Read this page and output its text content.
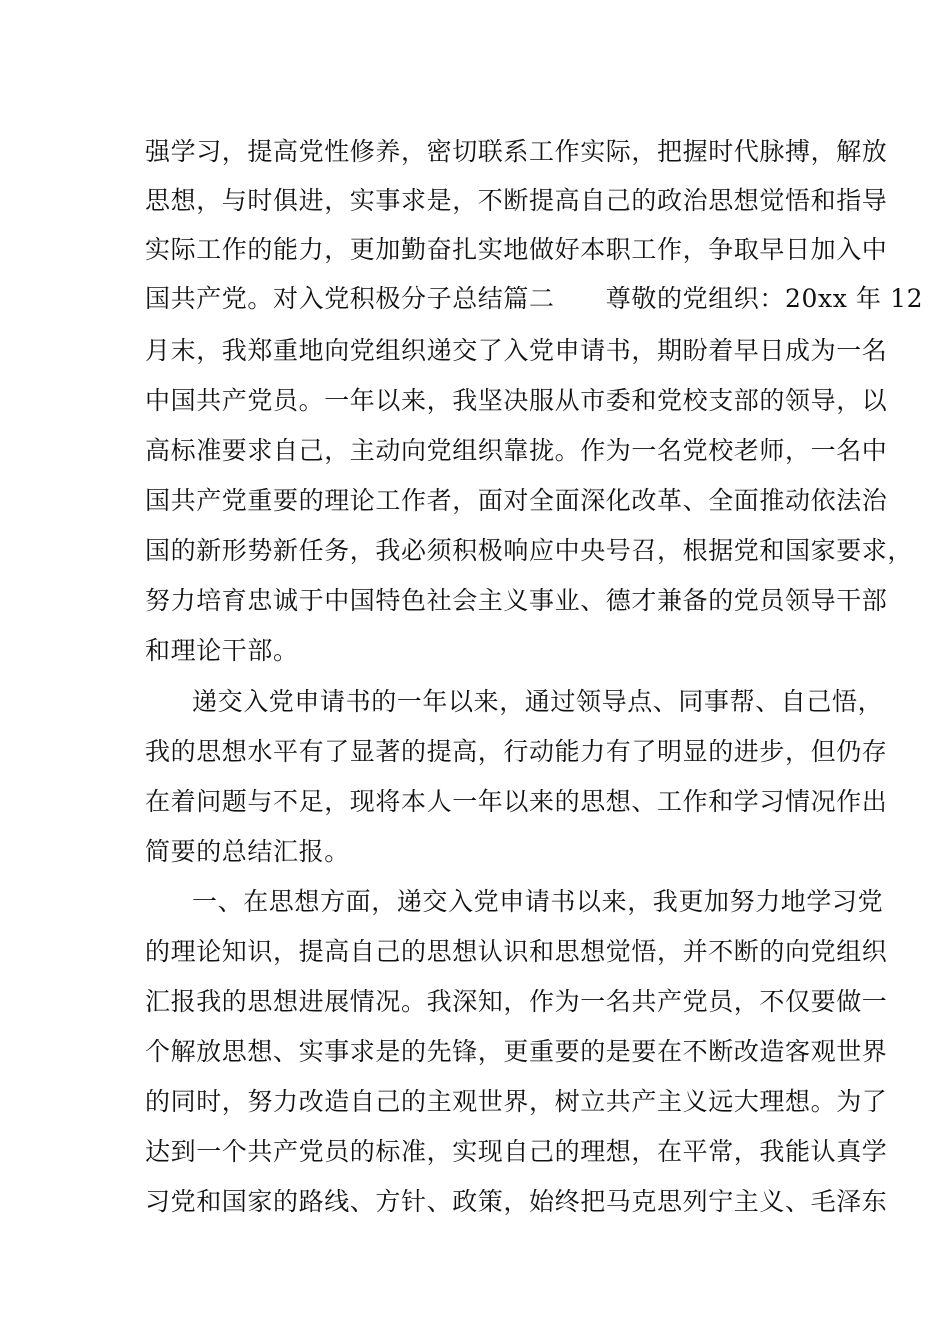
强学习，提高党性修养，密切联系工作实际，把握时代脉搏，解放
思想，与时俱进，实事求是，不断提高自己的政治思想觉悟和指导
实际工作的能力，更加勤奋扎实地做好本职工作，争取早日加入中
国共产党。对入党积极分子总结篇二　　尊敬的党组织：20xx 年 12
月末，我郑重地向党组织递交了入党申请书，期盼着早日成为一名
中国共产党员。一年以来，我坚决服从市委和党校支部的领导，以
高标准要求自己，主动向党组织靠拢。作为一名党校老师，一名中
国共产党重要的理论工作者，面对全面深化改革、全面推动依法治
国的新形势新任务，我必须积极响应中央号召，根据党和国家要求，
努力培育忠诚于中国特色社会主义事业、德才兼备的党员领导干部
和理论干部。
递交入党申请书的一年以来，通过领导点、同事帮、自己悟，
我的思想水平有了显著的提高，行动能力有了明显的进步，但仍存
在着问题与不足，现将本人一年以来的思想、工作和学习情况作出
简要的总结汇报。
一、在思想方面，递交入党申请书以来，我更加努力地学习党
的理论知识，提高自己的思想认识和思想觉悟，并不断的向党组织
汇报我的思想进展情况。我深知，作为一名共产党员，不仅要做一
个解放思想、实事求是的先锋，更重要的是要在不断改造客观世界
的同时，努力改造自己的主观世界，树立共产主义远大理想。为了
达到一个共产党员的标准，实现自己的理想，在平常，我能认真学
习党和国家的路线、方针、政策，始终把马克思列宁主义、毛泽东
